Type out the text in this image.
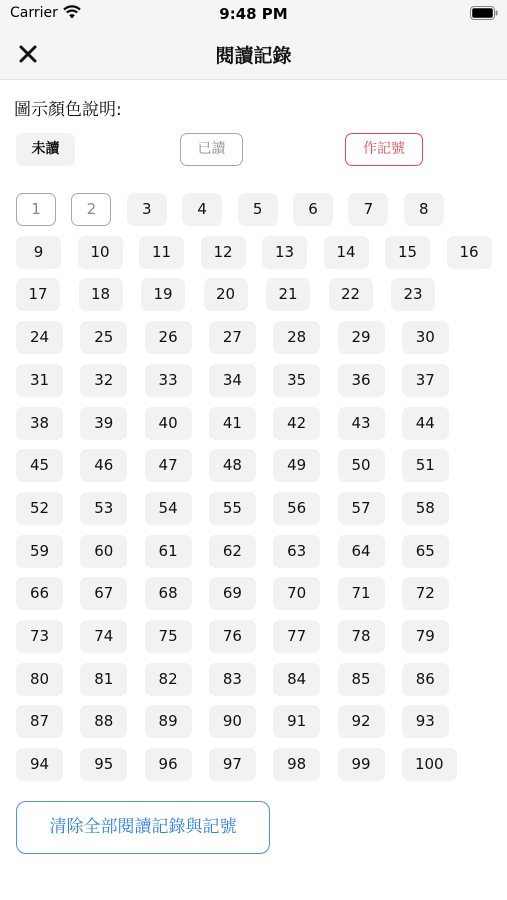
Carrier	9:48 PM
閱讀記錄
圖示顏色說明:
未讀	已讀	作記號
1	2	3	4	5	6	7	8
9	10	11	12	13	14	15	16
17	18	19	20	21	22	23
24	25	26	27	28	29	30
31	32	33	34	35	36	37
38	39	40	41	42	43	44
45	46	47	48	49	50	51
52	53	54	55	56	57	58
59	60	61	62	63	64	65
66	67	68	69	70	71	72
73	74	75	76	77	78	79
80	81	82	83	84	85	86
87	88	89	90	91	92	93
94	95	96	97	98	99	100
清除全部閱讀記錄與記號
